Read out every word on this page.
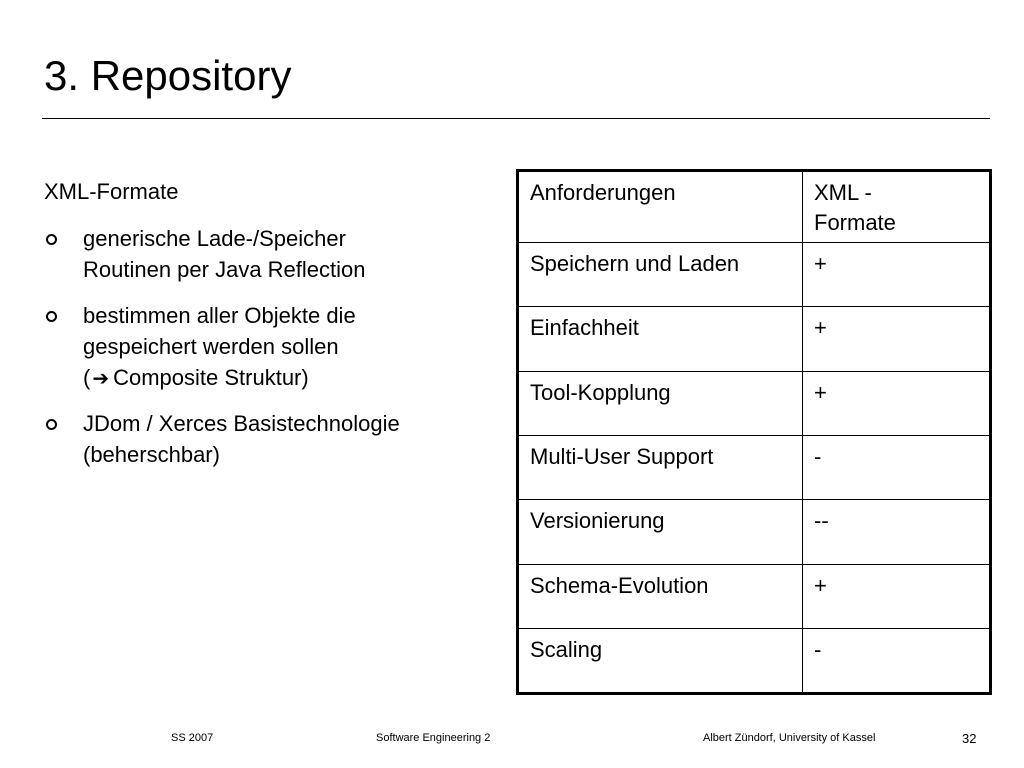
3. Repository
XML-Formate
generische Lade-/Speicher
Routinen per Java Reflection
bestimmen aller Objekte die
gespeichert werden sollen
( ➔ Composite Struktur)
JDom / Xerces Basistechnologie
(beherschbar)
Anforderungen	XML -
Formate
Speichern und Laden	+
Einfachheit	+
Tool-Kopplung	+
Multi-User Support	-
Versionierung	--
Schema-Evolution	+
Scaling	-
SS 2007	Software Engineering 2	Albert Zündorf, University of Kassel	32
